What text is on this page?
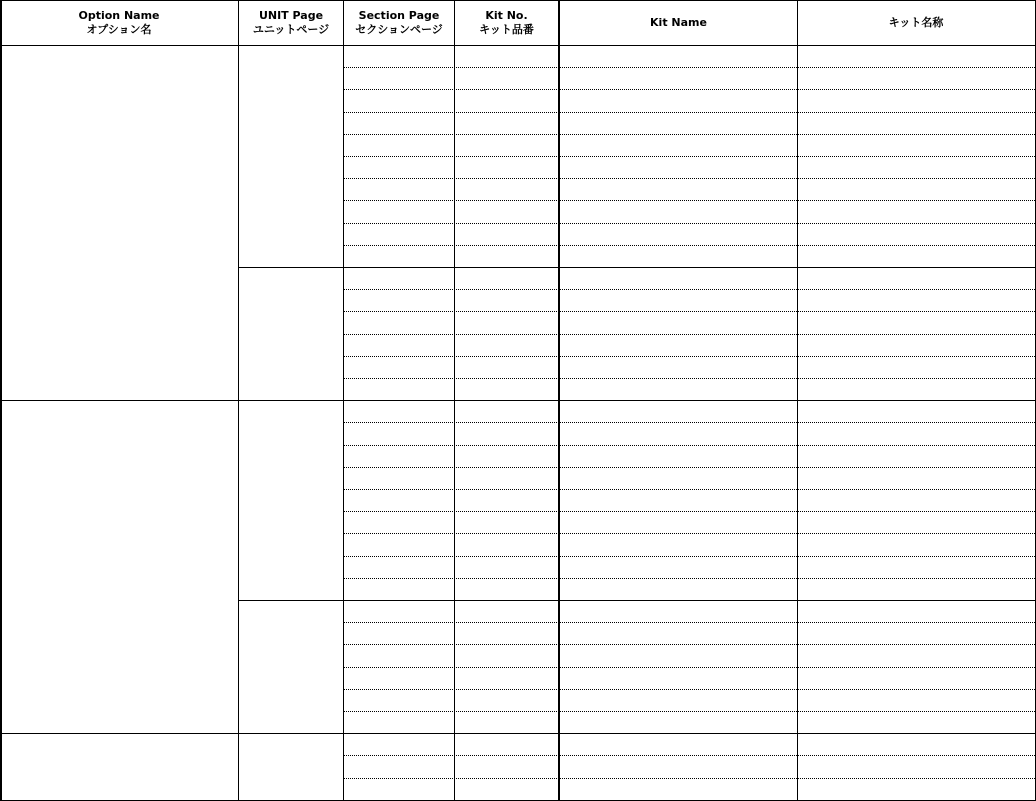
Option Name
オプション名
UNIT Page
ユニットページ
Section Page
セクションページ
Kit No.
キット品番
Kit Name	キット名称
